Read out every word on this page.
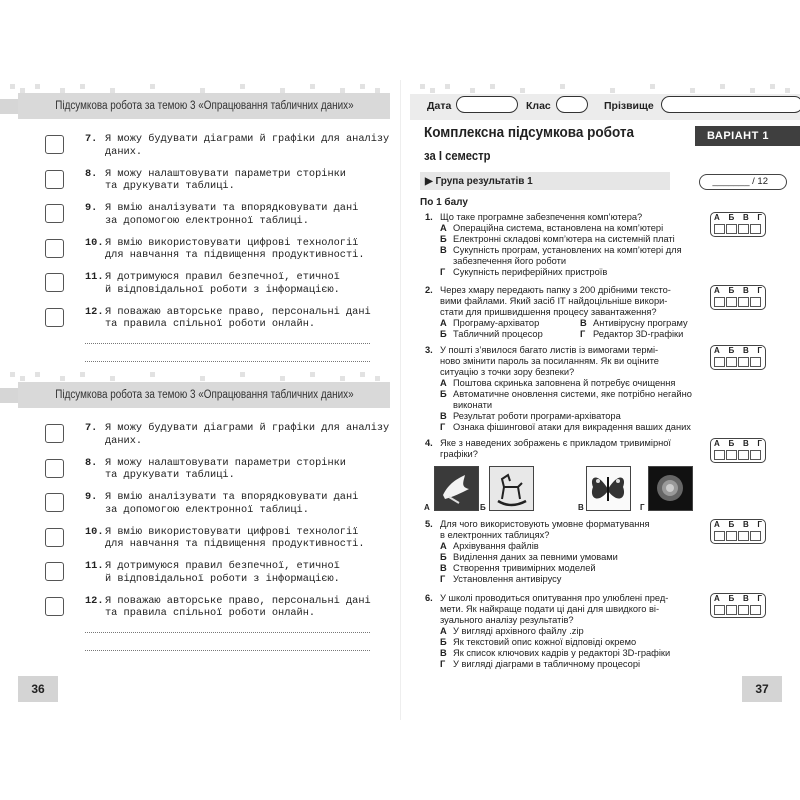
Підсумкова робота за темою 3 «Опрацювання табличних даних»
7. Я можу будувати діаграми й графіки для аналізу
даних.
8. Я можу налаштовувати параметри сторінки
та друкувати таблиці.
9. Я вмію аналізувати та впорядковувати дані
за допомогою електронної таблиці.
10. Я вмію використовувати цифрові технології
для навчання та підвищення продуктивності.
11. Я дотримуюся правил безпечної, етичної
й відповідальної роботи з інформацією.
12. Я поважаю авторське право, персональні дані
та правила спільної роботи онлайн.
Підсумкова робота за темою 3 «Опрацювання табличних даних»
7. Я можу будувати діаграми й графіки для аналізу
даних.
8. Я можу налаштовувати параметри сторінки
та друкувати таблиці.
9. Я вмію аналізувати та впорядковувати дані
за допомогою електронної таблиці.
10. Я вмію використовувати цифрові технології
для навчання та підвищення продуктивності.
11. Я дотримуюся правил безпечної, етичної
й відповідальної роботи з інформацією.
12. Я поважаю авторське право, персональні дані
та правила спільної роботи онлайн.
36
Дата	Клас	Прізвище
Комплексна підсумкова робота
за І семестр
ВАРІАНТ 1
▶ Група результатів 1	_______ / 12
По 1 балу
1. Що таке програмне забезпечення комп’ютера?
А Операційна система, встановлена на комп’ютері
Б Електронні складові комп’ютера на системній платі
В Сукупність програм, установлених на комп’ютері для
забезпечення його роботи
Г Сукупність периферійних пристроїв
2. Через хмару передають папку з 200 дрібними тексто-
вими файлами. Який засіб ІТ найдоцільніше викори-
стати для пришвидшення процесу завантаження?
А Програму-архіватор	В Антивірусну програму
Б Табличний процесор	Г Редактор 3D-графіки
3. У пошті з’явилося багато листів із вимогами термі-
ново змінити пароль за посиланням. Як ви оціните
ситуацію з точки зору безпеки?
А Поштова скринька заповнена й потребує очищення
Б Автоматичне оновлення системи, яке потрібно негайно
виконати
В Результат роботи програми-архіватора
Г Ознака фішингової атаки для викрадення ваших даних
4. Яке з наведених зображень є прикладом тривимірної
графіки?
5. Для чого використовують умовне форматування
в електронних таблицях?
А Архівування файлів
Б Виділення даних за певними умовами
В Створення тривимірних моделей
Г Установлення антивірусу
6. У школі проводиться опитування про улюблені пред-
мети. Як найкраще подати ці дані для швидкого ві-
зуального аналізу результатів?
А У вигляді архівного файлу .zip
Б Як текстовий опис кожної відповіді окремо
В Як список ключових кадрів у редакторі 3D-графіки
Г У вигляді діаграми в табличному процесорі
А	Б	В	Г
А Б В Г
А Б В Г
А Б В Г
А Б В Г
А Б В Г
А Б В Г
37
